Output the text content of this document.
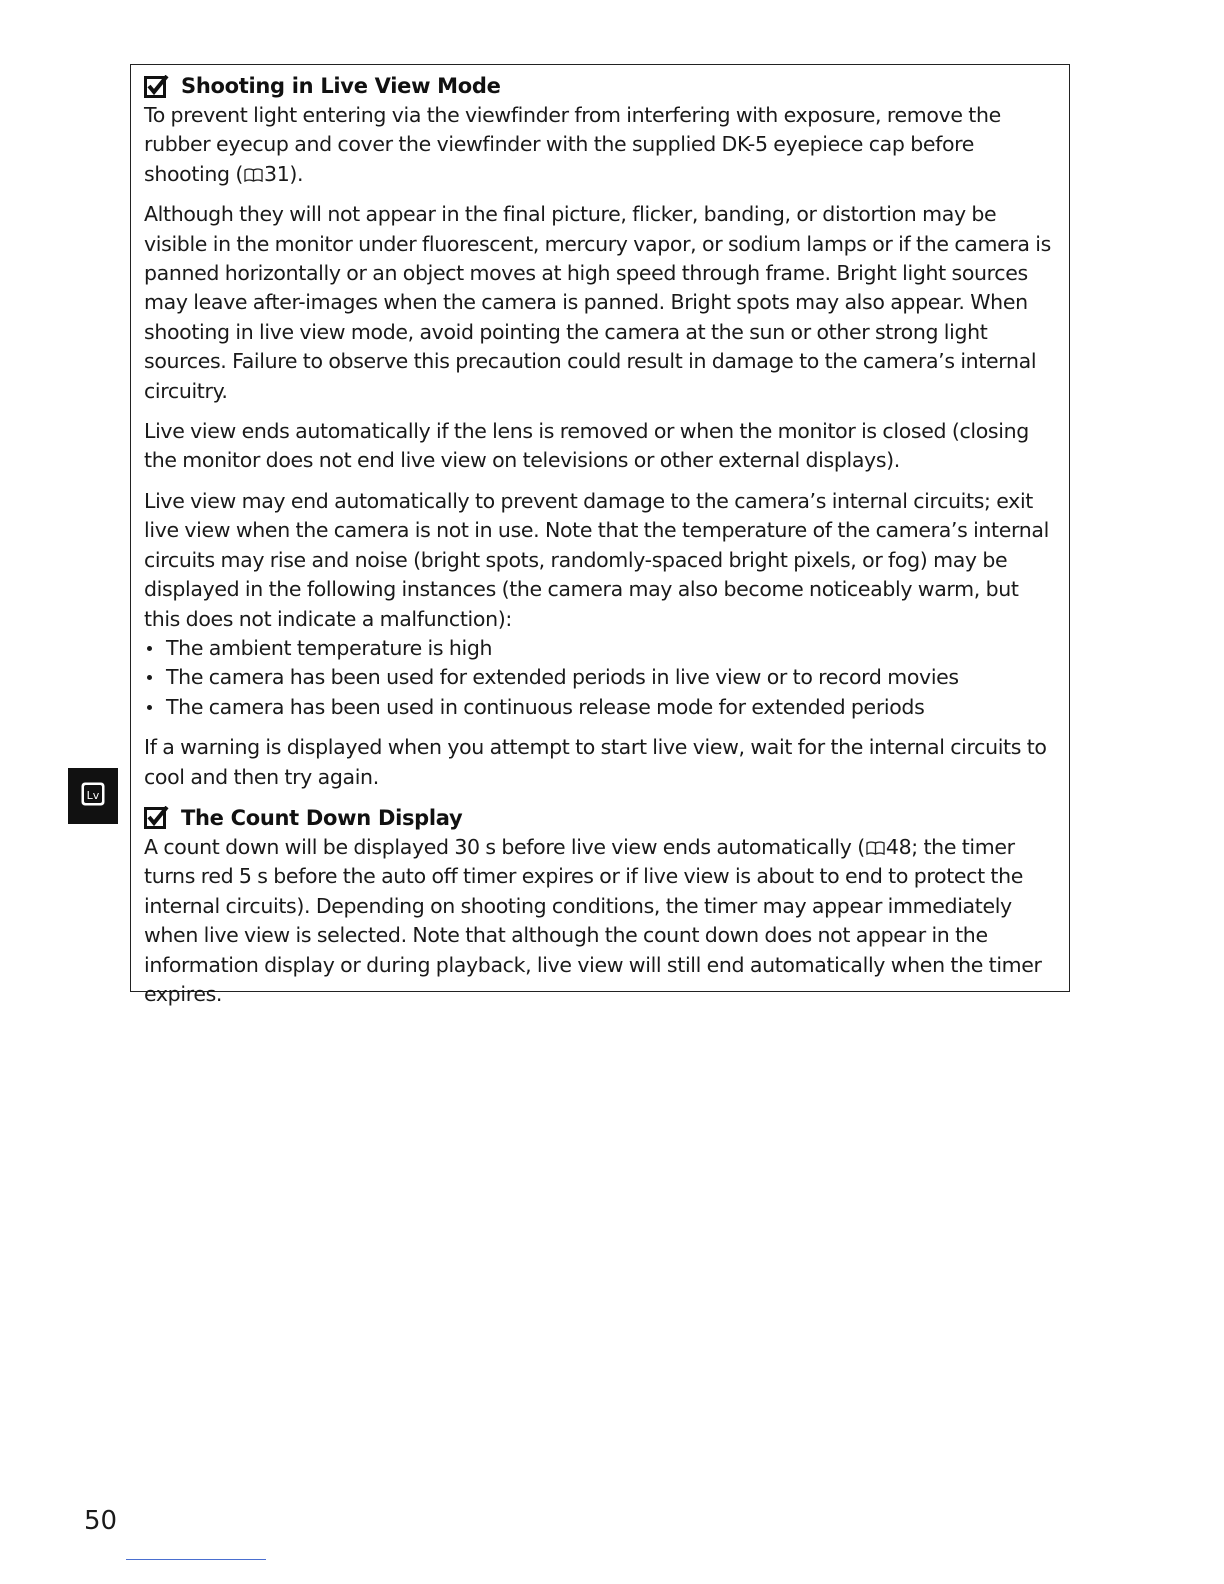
Shooting in Live View Mode

To prevent light entering via the viewfinder from interfering with exposure, remove the rubber eyecup and cover the viewfinder with the supplied DK-5 eyepiece cap before shooting ( 31).

Although they will not appear in the final picture, flicker, banding, or distortion may be visible in the monitor under fluorescent, mercury vapor, or sodium lamps or if the camera is panned horizontally or an object moves at high speed through frame. Bright light sources may leave after-images when the camera is panned. Bright spots may also appear. When shooting in live view mode, avoid pointing the camera at the sun or other strong light sources. Failure to observe this precaution could result in damage to the camera’s internal circuitry.

Live view ends automatically if the lens is removed or when the monitor is closed (closing the monitor does not end live view on televisions or other external displays).

Live view may end automatically to prevent damage to the camera’s internal circuits; exit live view when the camera is not in use. Note that the temperature of the camera’s internal circuits may rise and noise (bright spots, randomly-spaced bright pixels, or fog) may be displayed in the following instances (the camera may also become noticeably warm, but this does not indicate a malfunction):

The ambient temperature is high
The camera has been used for extended periods in live view or to record movies
The camera has been used in continuous release mode for extended periods

If a warning is displayed when you attempt to start live view, wait for the internal circuits to cool and then try again.

The Count Down Display

A count down will be displayed 30 s before live view ends automatically ( 48; the timer turns red 5 s before the auto off timer expires or if live view is about to end to protect the internal circuits). Depending on shooting conditions, the timer may appear immediately when live view is selected. Note that although the count down does not appear in the information display or during playback, live view will still end automatically when the timer expires.

Lv
50
